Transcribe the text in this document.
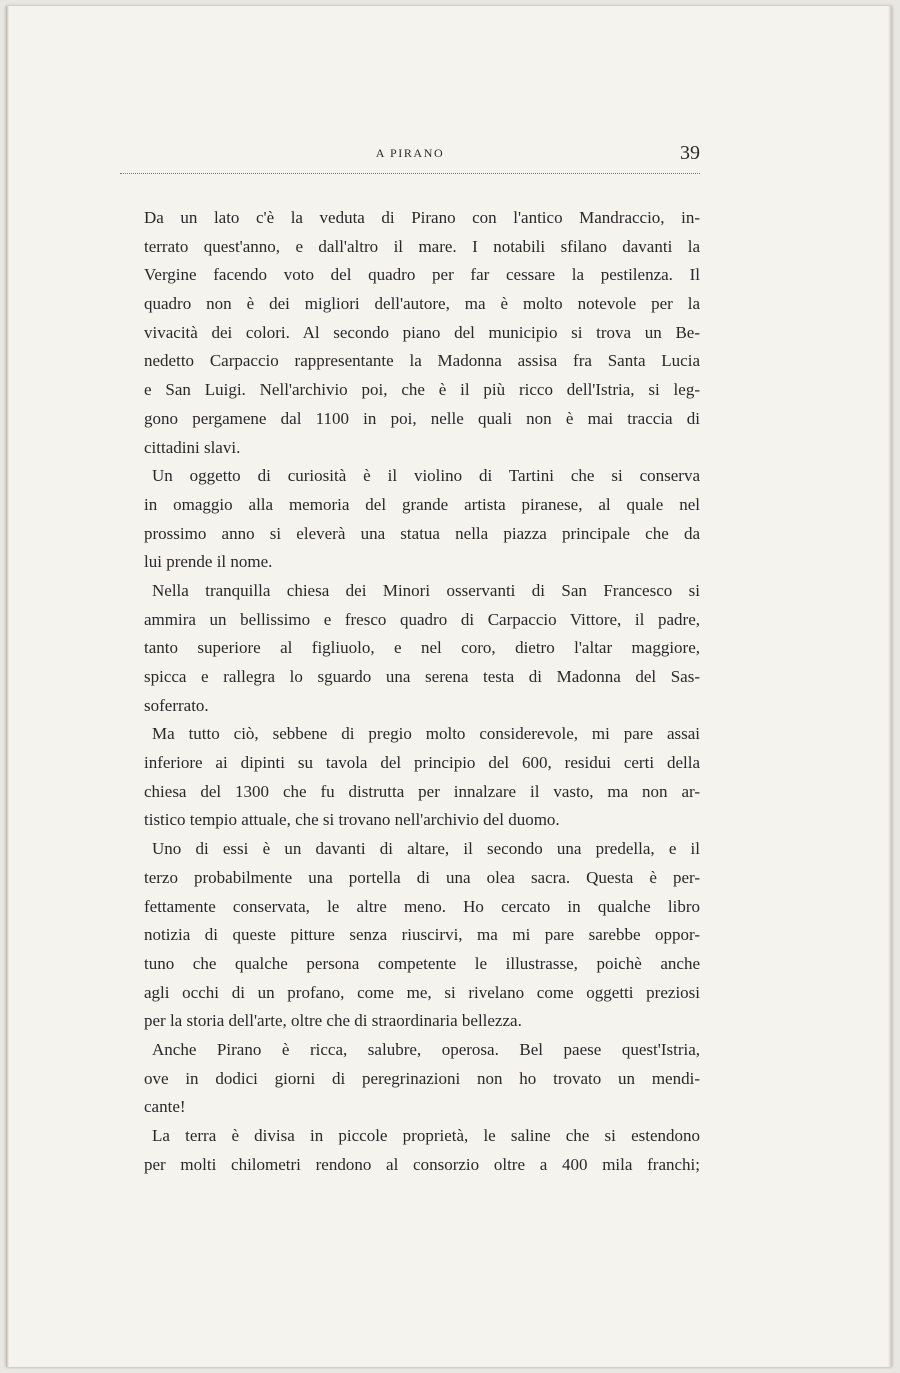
A PIRANO	39
Da un lato c'è la veduta di Pirano con l'antico Mandraccio, in-
terrato quest'anno, e dall'altro il mare. I notabili sfilano davanti la
Vergine facendo voto del quadro per far cessare la pestilenza. Il
quadro non è dei migliori dell'autore, ma è molto notevole per la
vivacità dei colori. Al secondo piano del municipio si trova un Be-
nedetto Carpaccio rappresentante la Madonna assisa fra Santa Lucia
e San Luigi. Nell'archivio poi, che è il più ricco dell'Istria, si leg-
gono pergamene dal 1100 in poi, nelle quali non è mai traccia di
cittadini slavi.
Un oggetto di curiosità è il violino di Tartini che si conserva
in omaggio alla memoria del grande artista piranese, al quale nel
prossimo anno si eleverà una statua nella piazza principale che da
lui prende il nome.
Nella tranquilla chiesa dei Minori osservanti di San Francesco si
ammira un bellissimo e fresco quadro di Carpaccio Vittore, il padre,
tanto superiore al figliuolo, e nel coro, dietro l'altar maggiore,
spicca e rallegra lo sguardo una serena testa di Madonna del Sas-
soferrato.
Ma tutto ciò, sebbene di pregio molto considerevole, mi pare assai
inferiore ai dipinti su tavola del principio del 600, residui certi della
chiesa del 1300 che fu distrutta per innalzare il vasto, ma non ar-
tistico tempio attuale, che si trovano nell'archivio del duomo.
Uno di essi è un davanti di altare, il secondo una predella, e il
terzo probabilmente una portella di una olea sacra. Questa è per-
fettamente conservata, le altre meno. Ho cercato in qualche libro
notizia di queste pitture senza riuscirvi, ma mi pare sarebbe oppor-
tuno che qualche persona competente le illustrasse, poichè anche
agli occhi di un profano, come me, si rivelano come oggetti preziosi
per la storia dell'arte, oltre che di straordinaria bellezza.
Anche Pirano è ricca, salubre, operosa. Bel paese quest'Istria,
ove in dodici giorni di peregrinazioni non ho trovato un mendi-
cante!
La terra è divisa in piccole proprietà, le saline che si estendono
per molti chilometri rendono al consorzio oltre a 400 mila franchi;
